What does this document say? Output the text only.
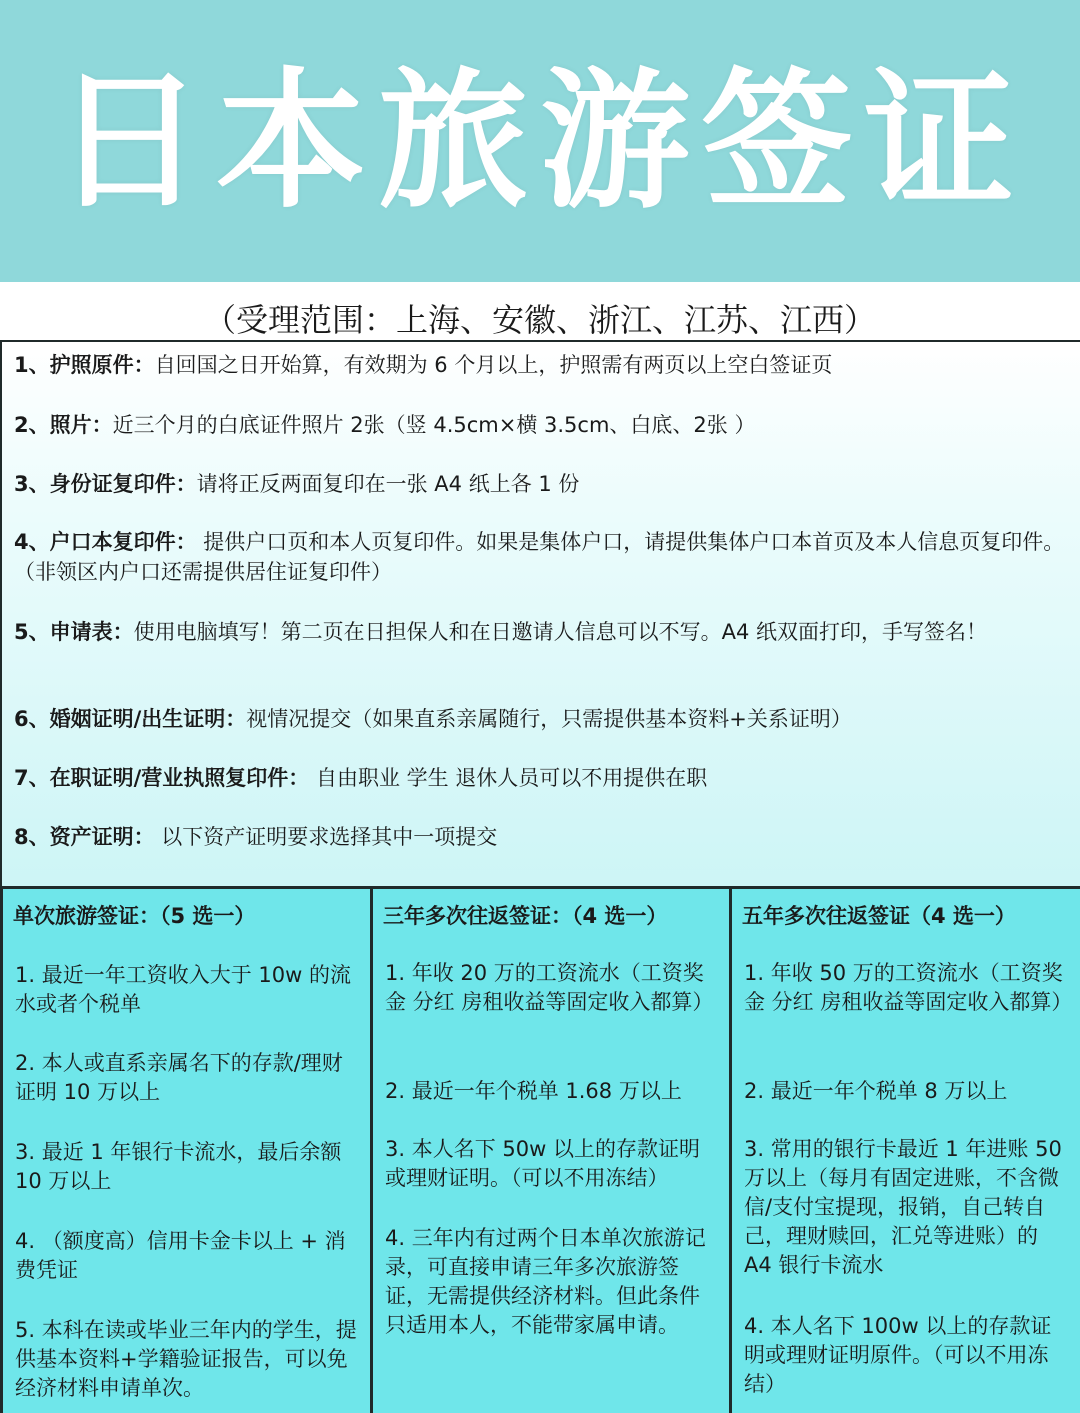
日本旅游签证
（受理范围：上海、安徽、浙江、江苏、江西）
1、护照原件：自回国之日开始算，有效期为 6 个月以上，护照需有两页以上空白签证页
2、照片：近三个月的白底证件照片 2张（竖 4.5cm×横 3.5cm、白底、2张 ）
3、身份证复印件：请将正反两面复印在一张 A4 纸上各 1 份
4、户口本复印件： 提供户口页和本人页复印件。如果是集体户口，请提供集体户口本首页及本人信息页复印件。（非领区内户口还需提供居住证复印件）
5、申请表：使用电脑填写！第二页在日担保人和在日邀请人信息可以不写。A4 纸双面打印，手写签名！
6、婚姻证明/出生证明：视情况提交（如果直系亲属随行，只需提供基本资料+关系证明）
7、在职证明/营业执照复印件： 自由职业 学生 退休人员可以不用提供在职
8、资产证明： 以下资产证明要求选择其中一项提交
单次旅游签证：（5 选一）
1. 最近一年工资收入大于 10w 的流水或者个税单
2. 本人或直系亲属名下的存款/理财证明 10 万以上
3. 最近 1 年银行卡流水，最后余额 10 万以上
4. （额度高）信用卡金卡以上 + 消费凭证
5. 本科在读或毕业三年内的学生，提供基本资料+学籍验证报告，可以免经济材料申请单次。
三年多次往返签证：（4 选一）
1. 年收 20 万的工资流水（工资奖金 分红 房租收益等固定收入都算）
2. 最近一年个税单 1.68 万以上
3. 本人名下 50w 以上的存款证明或理财证明。（可以不用冻结）
4. 三年内有过两个日本单次旅游记录，可直接申请三年多次旅游签证，无需提供经济材料。但此条件只适用本人，不能带家属申请。
五年多次往返签证（4 选一）
1. 年收 50 万的工资流水（工资奖金 分红 房租收益等固定收入都算）
2. 最近一年个税单 8 万以上
3. 常用的银行卡最近 1 年进账 50 万以上（每月有固定进账，不含微信/支付宝提现，报销，自己转自己，理财赎回，汇兑等进账）的 A4 银行卡流水
4. 本人名下 100w 以上的存款证明或理财证明原件。（可以不用冻结）
